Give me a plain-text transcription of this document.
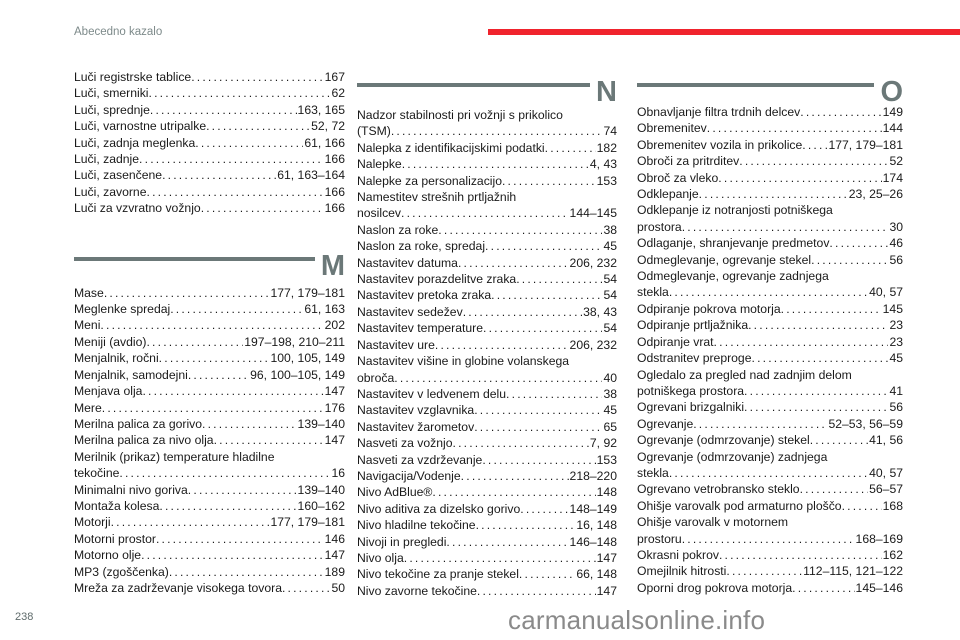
Abecedno kazalo
Luči registrske tablice . . .	167
Luči, smerniki . . .	62
Luči, sprednje . . .	163, 165
Luči, varnostne utripalke . . .	52, 72
Luči, zadnja meglenka . . .	61, 166
Luči, zadnje . . .	166
Luči, zasenčene . . .	61, 163–164
Luči, zavorne . . .	166
Luči za vzvratno vožnjo . . .	166
M
Mase . . .	177, 179–181
Meglenke spredaj . . .	61, 163
Meni . . .	202
Meniji (avdio) . . .	197–198, 210–211
Menjalnik, ročni . . .	100, 105, 149
Menjalnik, samodejni . . .	96, 100–105, 149
Menjava olja . . .	147
Mere . . .	176
Merilna palica za gorivo . . .	139–140
Merilna palica za nivo olja . . .	147
Merilnik (prikaz) temperature hladilne
tekočine . . .	16
Minimalni nivo goriva . . .	139–140
Montaža kolesa . . .	160–162
Motorji . . .	177, 179–181
Motorni prostor . . .	146
Motorno olje . . .	147
MP3 (zgoščenka) . . .	189
Mreža za zadrževanje visokega tovora . . .	50
N
Nadzor stabilnosti pri vožnji s prikolico
(TSM) . . .	74
Nalepka z identifikacijskimi podatki . . .	182
Nalepke . . .	4, 43
Nalepke za personalizacijo . . .	153
Namestitev strešnih prtljažnih
nosilcev . . .	144–145
Naslon za roke . . .	38
Naslon za roke, spredaj . . .	45
Nastavitev datuma . . .	206, 232
Nastavitev porazdelitve zraka . . .	54
Nastavitev pretoka zraka . . .	54
Nastavitev sedežev . . .	38, 43
Nastavitev temperature . . .	54
Nastavitev ure . . .	206, 232
Nastavitev višine in globine volanskega
obroča . . .	40
Nastavitev v ledvenem delu . . .	38
Nastavitev vzglavnika . . .	45
Nastavitev žarometov . . .	65
Nasveti za vožnjo . . .	7, 92
Nasveti za vzdrževanje . . .	153
Navigacija/Vodenje . . .	218–220
Nivo AdBlue® . . .	148
Nivo aditiva za dizelsko gorivo . . .	148–149
Nivo hladilne tekočine . . .	16, 148
Nivoji in pregledi . . .	146–148
Nivo olja . . .	147
Nivo tekočine za pranje stekel . . .	66, 148
Nivo zavorne tekočine . . .	147
O
Obnavljanje filtra trdnih delcev . . .	149
Obremenitev . . .	144
Obremenitev vozila in prikolice . . . 177, 179–181
Obroči za pritrditev . . .	52
Obroč za vleko . . .	174
Odklepanje . . .	23, 25–26
Odklepanje iz notranjosti potniškega
prostora . . .	30
Odlaganje, shranjevanje predmetov . . .	46
Odmeglevanje, ogrevanje stekel . . .	56
Odmeglevanje, ogrevanje zadnjega
stekla . . .	40, 57
Odpiranje pokrova motorja . . .	145
Odpiranje prtljažnika . . .	23
Odpiranje vrat . . .	23
Odstranitev preproge . . .	45
Ogledalo za pregled nad zadnjim delom
potniškega prostora . . .	41
Ogrevani brizgalniki . . .	56
Ogrevanje . . .	52–53, 56–59
Ogrevanje (odmrzovanje) stekel . . .	41, 56
Ogrevanje (odmrzovanje) zadnjega
stekla . . .	40, 57
Ogrevano vetrobransko steklo . . .	56–57
Ohišje varovalk pod armaturno ploščo . . .	168
Ohišje varovalk v motornem
prostoru . . .	168–169
Okrasni pokrov . . .	162
Omejilnik hitrosti . . .	112–115, 121–122
Oporni drog pokrova motorja . . .	145–146
238	carmanualsonline.info
